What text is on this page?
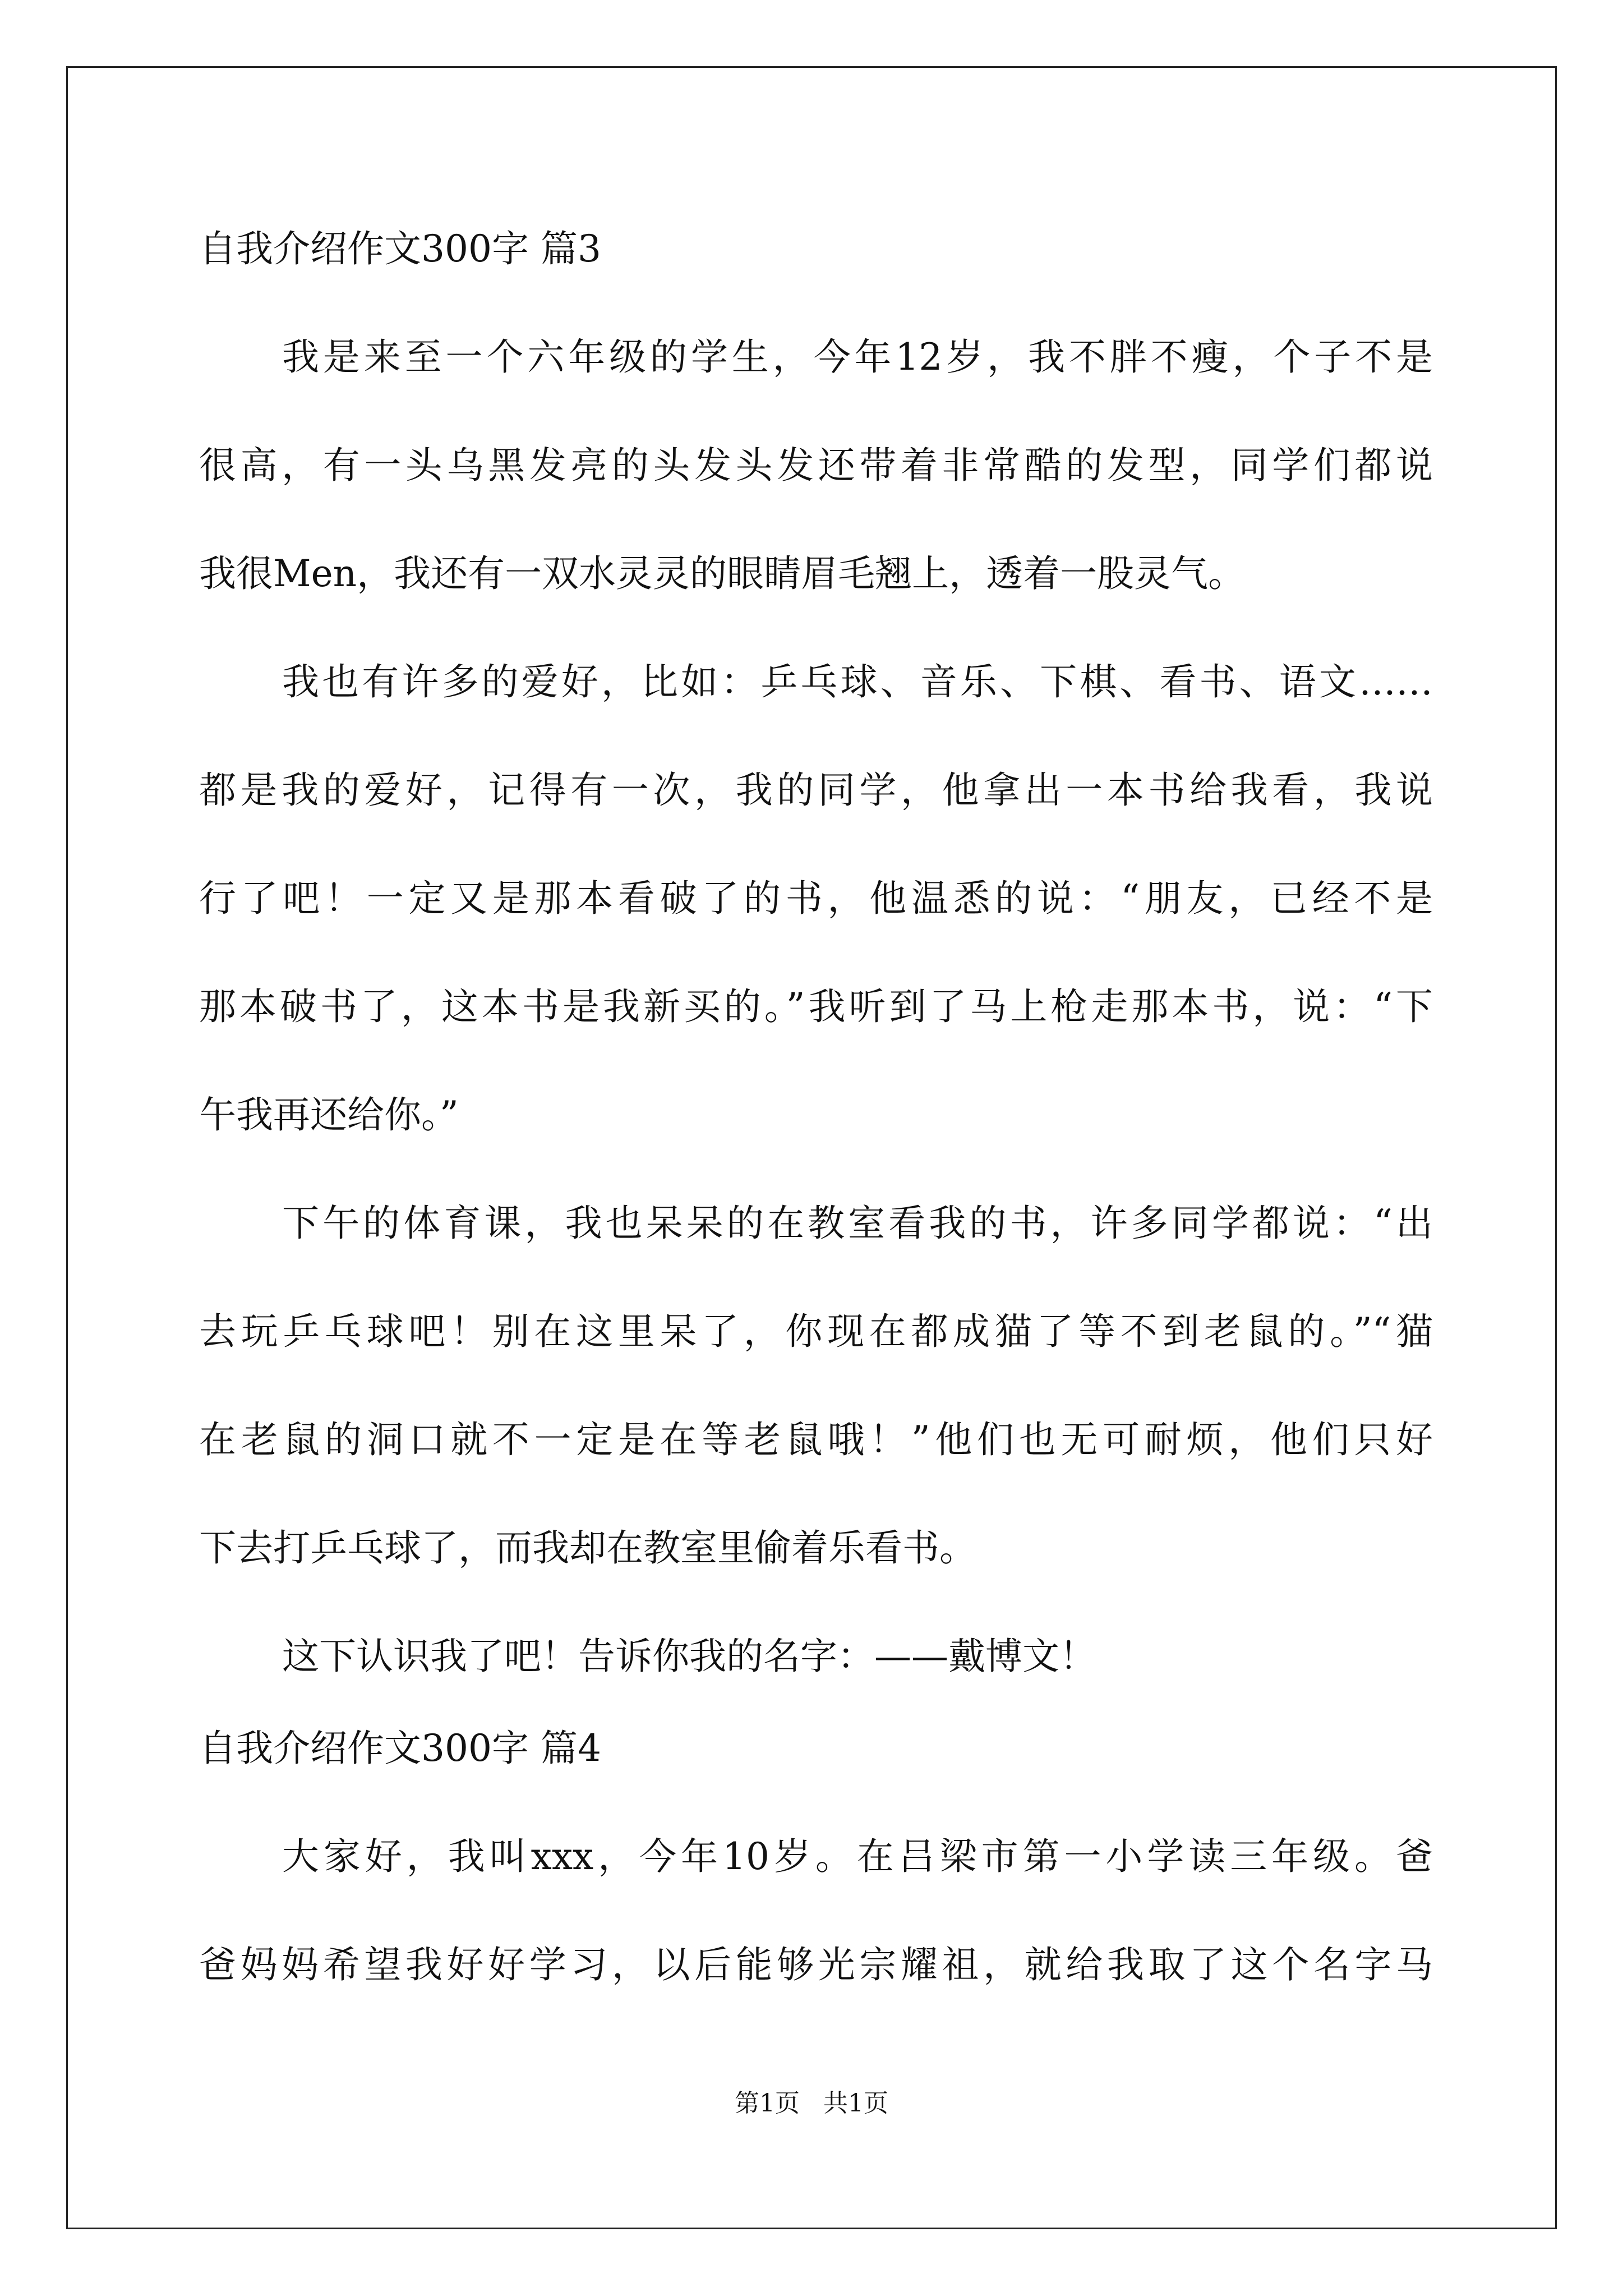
自我介绍作文300字 篇3
我是来至一个六年级的学生，今年12岁，我不胖不瘦，个子不是
很高，有一头乌黑发亮的头发头发还带着非常酷的发型，同学们都说
我很Men，我还有一双水灵灵的眼睛眉毛翘上，透着一股灵气。
我也有许多的爱好，比如：乒乓球、音乐、下棋、看书、语文……
都是我的爱好，记得有一次，我的同学，他拿出一本书给我看，我说
行了吧！一定又是那本看破了的书，他温悉的说：“朋友，已经不是
那本破书了，这本书是我新买的。”我听到了马上枪走那本书，说：“下
午我再还给你。”
下午的体育课，我也呆呆的在教室看我的书，许多同学都说：“出
去玩乒乓球吧！别在这里呆了，你现在都成猫了等不到老鼠的。”“猫
在老鼠的洞口就不一定是在等老鼠哦！”他们也无可耐烦，他们只好
下去打乒乓球了，而我却在教室里偷着乐看书。
这下认识我了吧！告诉你我的名字：——戴博文！
自我介绍作文300字 篇4
大家好，我叫xxx，今年10岁。在吕梁市第一小学读三年级。爸
爸妈妈希望我好好学习，以后能够光宗耀祖，就给我取了这个名字马
第1页   共1页
